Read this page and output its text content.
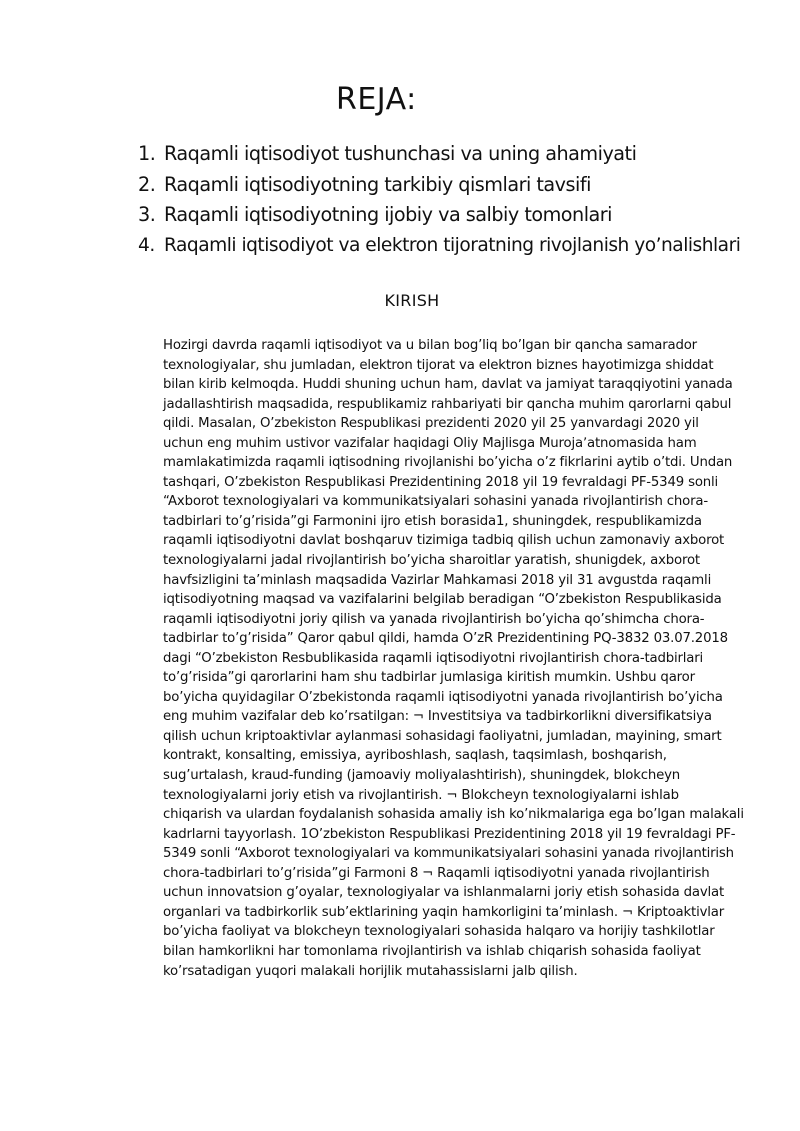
REJA:
1. Raqamli iqtisodiyot tushunchasi va uning ahamiyati
2. Raqamli iqtisodiyotning tarkibiy qismlari tavsifi
3. Raqamli iqtisodiyotning ijobiy va salbiy tomonlari
4. Raqamli iqtisodiyot va elektron tijoratning rivojlanish yo’nalishlari
KIRISH
Hozirgi davrda raqamli iqtisodiyot va u bilan bog’liq bo’lgan bir qancha samarador
texnologiyalar, shu jumladan, elektron tijorat va elektron biznes hayotimizga shiddat
bilan kirib kelmoqda. Huddi shuning uchun ham, davlat va jamiyat taraqqiyotini yanada
jadallashtirish maqsadida, respublikamiz rahbariyati bir qancha muhim qarorlarni qabul
qildi. Masalan, O’zbekiston Respublikasi prezidenti 2020 yil 25 yanvardagi 2020 yil
uchun eng muhim ustivor vazifalar haqidagi Oliy Majlisga Murojaʼatnomasida ham
mamlakatimizda raqamli iqtisodning rivojlanishi bo’yicha o’z fikrlarini aytib o’tdi. Undan
tashqari, O’zbekiston Respublikasi Prezidentining 2018 yil 19 fevraldagi PF-5349 sonli
“Axborot texnologiyalari va kommunikatsiyalari sohasini yanada rivojlantirish chora-
tadbirlari to’g’risida”gi Farmonini ijro etish borasida1, shuningdek, respublikamizda
raqamli iqtisodiyotni davlat boshqaruv tizimiga tadbiq qilish uchun zamonaviy axborot
texnologiyalarni jadal rivojlantirish bo’yicha sharoitlar yaratish, shunigdek, axborot
havfsizligini ta’minlash maqsadida Vazirlar Mahkamasi 2018 yil 31 avgustda raqamli
iqtisodiyotning maqsad va vazifalarini belgilab beradigan “O’zbekiston Respublikasida
raqamli iqtisodiyotni joriy qilish va yanada rivojlantirish bo’yicha qo’shimcha chora-
tadbirlar to’g’risida” Qaror qabul qildi, hamda O’zR Prezidentining PQ-3832 03.07.2018
dagi “O’zbekiston Resbublikasida raqamli iqtisodiyotni rivojlantirish chora-tadbirlari
to’g’risida”gi qarorlarini ham shu tadbirlar jumlasiga kiritish mumkin. Ushbu qaror
bo’yicha quyidagilar O’zbekistonda raqamli iqtisodiyotni yanada rivojlantirish bo’yicha
eng muhim vazifalar deb ko’rsatilgan: ¬ Investitsiya va tadbirkorlikni diversifikatsiya
qilish uchun kriptoaktivlar aylanmasi sohasidagi faoliyatni, jumladan, mayining, smart
kontrakt, konsalting, emissiya, ayriboshlash, saqlash, taqsimlash, boshqarish,
sug’urtalash, kraud-funding (jamoaviy moliyalashtirish), shuningdek, blokcheyn
texnologiyalarni joriy etish va rivojlantirish. ¬ Blokcheyn texnologiyalarni ishlab
chiqarish va ulardan foydalanish sohasida amaliy ish ko’nikmalariga ega bo’lgan malakali
kadrlarni tayyorlash. 1O’zbekiston Respublikasi Prezidentining 2018 yil 19 fevraldagi PF-
5349 sonli “Axborot texnologiyalari va kommunikatsiyalari sohasini yanada rivojlantirish
chora-tadbirlari to’g’risida”gi Farmoni 8 ¬ Raqamli iqtisodiyotni yanada rivojlantirish
uchun innovatsion g’oyalar, texnologiyalar va ishlanmalarni joriy etish sohasida davlat
organlari va tadbirkorlik sub’ektlarining yaqin hamkorligini ta’minlash. ¬ Kriptoaktivlar
bo’yicha faoliyat va blokcheyn texnologiyalari sohasida halqaro va horijiy tashkilotlar
bilan hamkorlikni har tomonlama rivojlantirish va ishlab chiqarish sohasida faoliyat
ko’rsatadigan yuqori malakali horijlik mutahassislarni jalb qilish.
